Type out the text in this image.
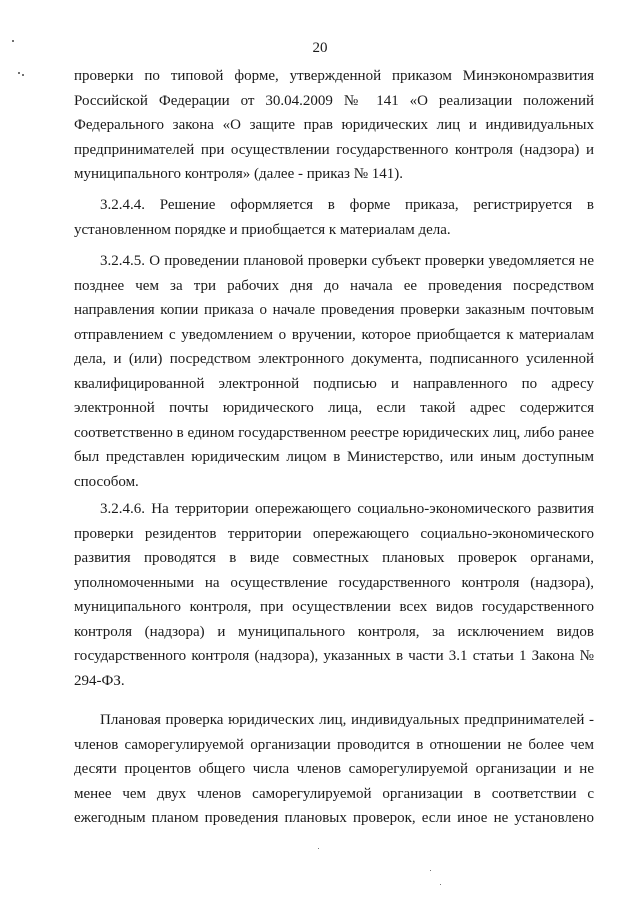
20
проверки по типовой форме, утвержденной приказом Минэкономразвития
Российской Федерации от 30.04.2009 № 141 «О реализации положений
Федерального закона «О защите прав юридических лиц и индивидуальных
предпринимателей при осуществлении государственного контроля (надзора) и
муниципального контроля» (далее - приказ № 141).
3.2.4.4. Решение оформляется в форме приказа, регистрируется в
установленном порядке и приобщается к материалам дела.
3.2.4.5. О проведении плановой проверки субъект проверки уведомляется не
позднее чем за три рабочих дня до начала ее проведения посредством
направления копии приказа о начале проведения проверки заказным почтовым
отправлением с уведомлением о вручении, которое приобщается к материалам
дела, и (или) посредством электронного документа, подписанного усиленной
квалифицированной электронной подписью и направленного по адресу
электронной почты юридического лица, если такой адрес содержится
соответственно в едином государственном реестре юридических лиц, либо ранее
был представлен юридическим лицом в Министерство, или иным доступным
способом.
3.2.4.6. На территории опережающего социально-экономического развития
проверки резидентов территории опережающего социально-экономического
развития проводятся в виде совместных плановых проверок органами,
уполномоченными на осуществление государственного контроля (надзора),
муниципального контроля, при осуществлении всех видов государственного
контроля (надзора) и муниципального контроля, за исключением видов
государственного контроля (надзора), указанных в части 3.1 статьи 1 Закона №
294-ФЗ.
Плановая проверка юридических лиц, индивидуальных предпринимателей -
членов саморегулируемой организации проводится в отношении не более чем
десяти процентов общего числа членов саморегулируемой организации и не
менее чем двух членов саморегулируемой организации в соответствии с
ежегодным планом проведения плановых проверок, если иное не установлено
